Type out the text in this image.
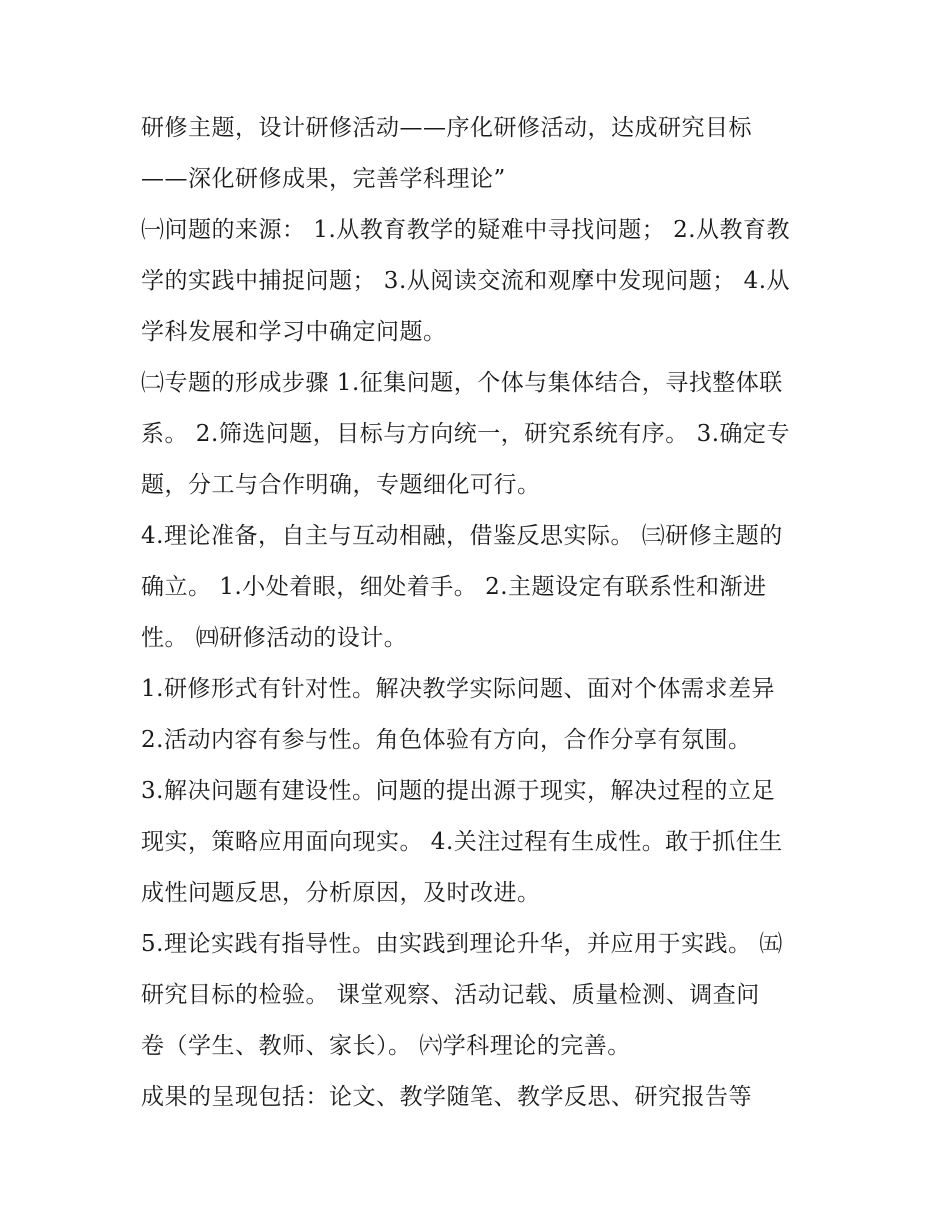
研修主题，设计研修活动——序化研修活动，达成研究目标
——深化研修成果，完善学科理论”
㈠问题的来源： 1.从教育教学的疑难中寻找问题； 2.从教育教
学的实践中捕捉问题； 3.从阅读交流和观摩中发现问题； 4.从
学科发展和学习中确定问题。
㈡专题的形成步骤 1.征集问题，个体与集体结合，寻找整体联
系。 2.筛选问题，目标与方向统一，研究系统有序。 3.确定专
题，分工与合作明确，专题细化可行。
4.理论准备，自主与互动相融，借鉴反思实际。 ㈢研修主题的
确立。 1.小处着眼，细处着手。 2.主题设定有联系性和渐进
性。 ㈣研修活动的设计。
1.研修形式有针对性。解决教学实际问题、面对个体需求差异
2.活动内容有参与性。角色体验有方向，合作分享有氛围。
3.解决问题有建设性。问题的提出源于现实，解决过程的立足
现实，策略应用面向现实。 4.关注过程有生成性。敢于抓住生
成性问题反思，分析原因，及时改进。
5.理论实践有指导性。由实践到理论升华，并应用于实践。 ㈤
研究目标的检验。 课堂观察、活动记载、质量检测、调查问
卷（学生、教师、家长）。 ㈥学科理论的完善。
成果的呈现包括：论文、教学随笔、教学反思、研究报告等
